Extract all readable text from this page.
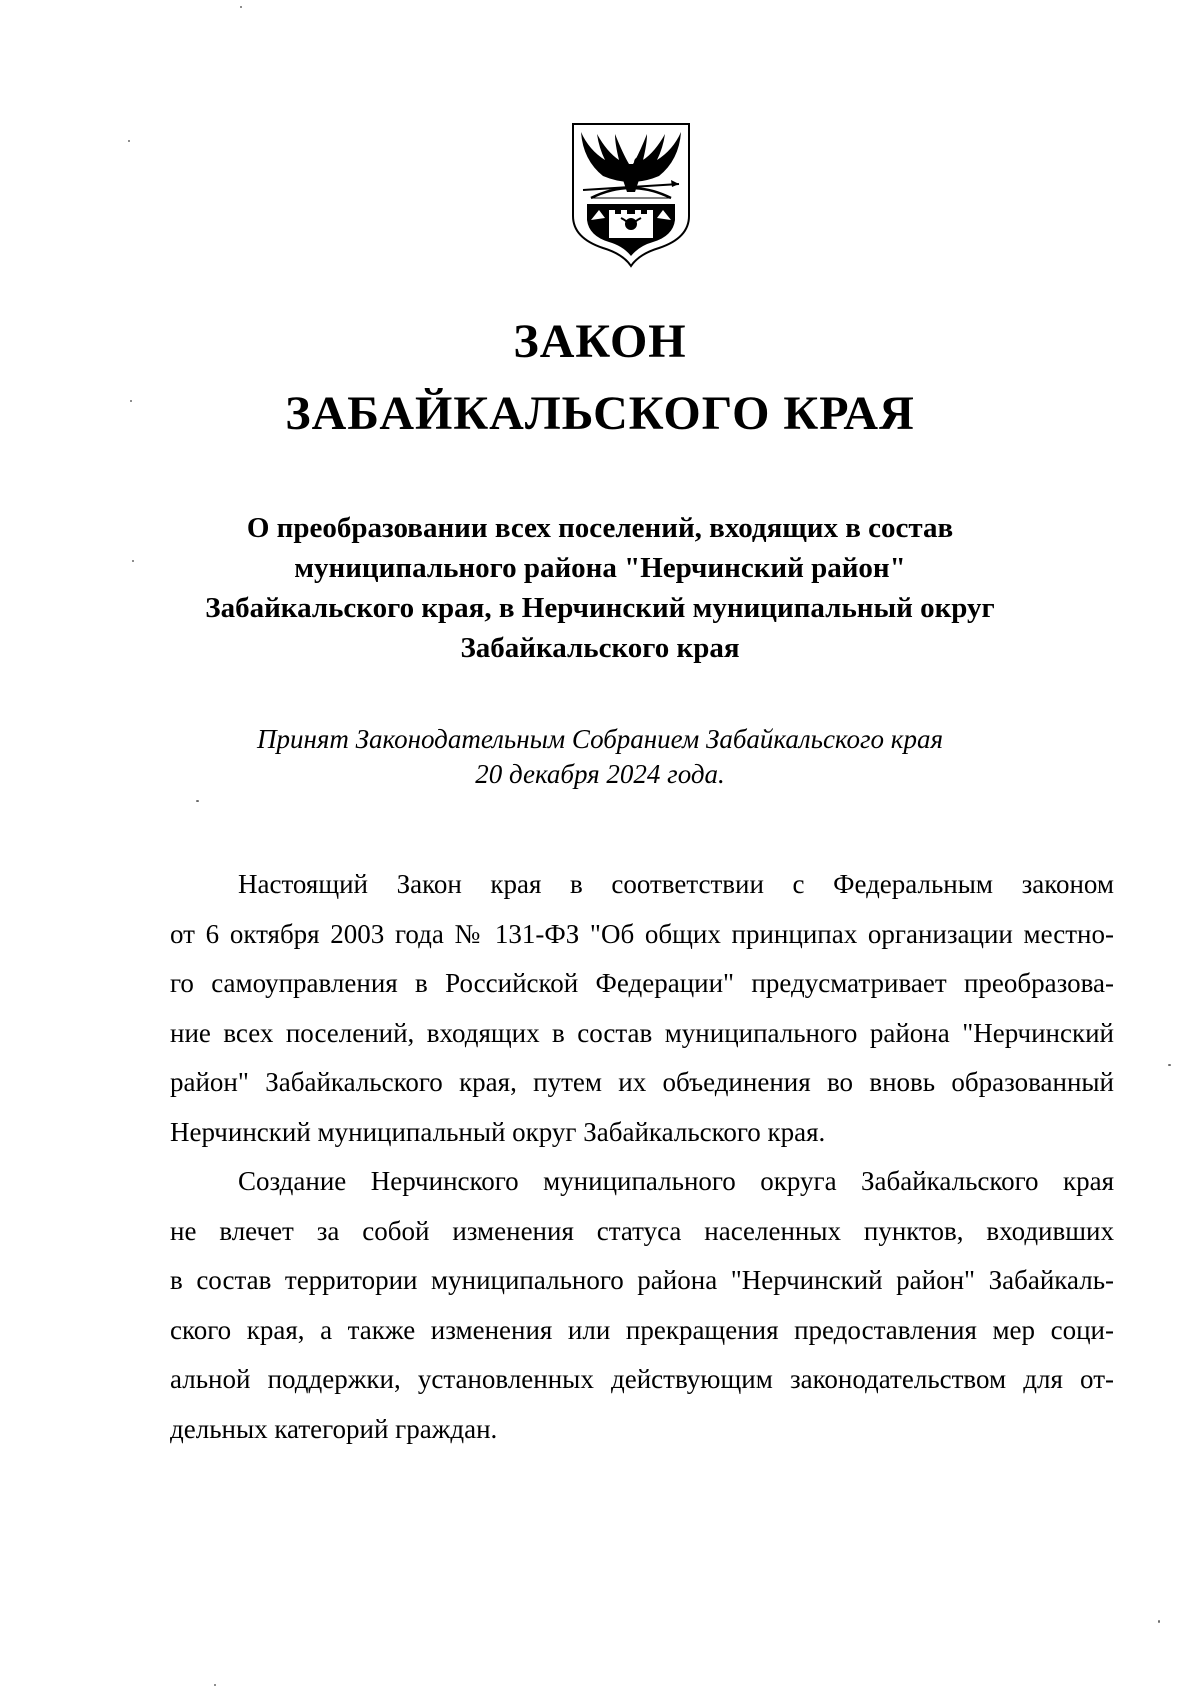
ЗАКОН
ЗАБАЙКАЛЬСКОГО КРАЯ
О преобразовании всех поселений, входящих в состав
муниципального района "Нерчинский район"
Забайкальского края, в Нерчинский муниципальный округ
Забайкальского края
Принят Законодательным Собранием Забайкальского края
20 декабря 2024 года.
Настоящий Закон края в соответствии с Федеральным законом
от 6 октября 2003 года № 131-ФЗ "Об общих принципах организации местно-
го самоуправления в Российской Федерации" предусматривает преобразова-
ние всех поселений, входящих в состав муниципального района "Нерчинский
район" Забайкальского края, путем их объединения во вновь образованный
Нерчинский муниципальный округ Забайкальского края.
Создание Нерчинского муниципального округа Забайкальского края
не влечет за собой изменения статуса населенных пунктов, входивших
в состав территории муниципального района "Нерчинский район" Забайкаль-
ского края, а также изменения или прекращения предоставления мер соци-
альной поддержки, установленных действующим законодательством для от-
дельных категорий граждан.
